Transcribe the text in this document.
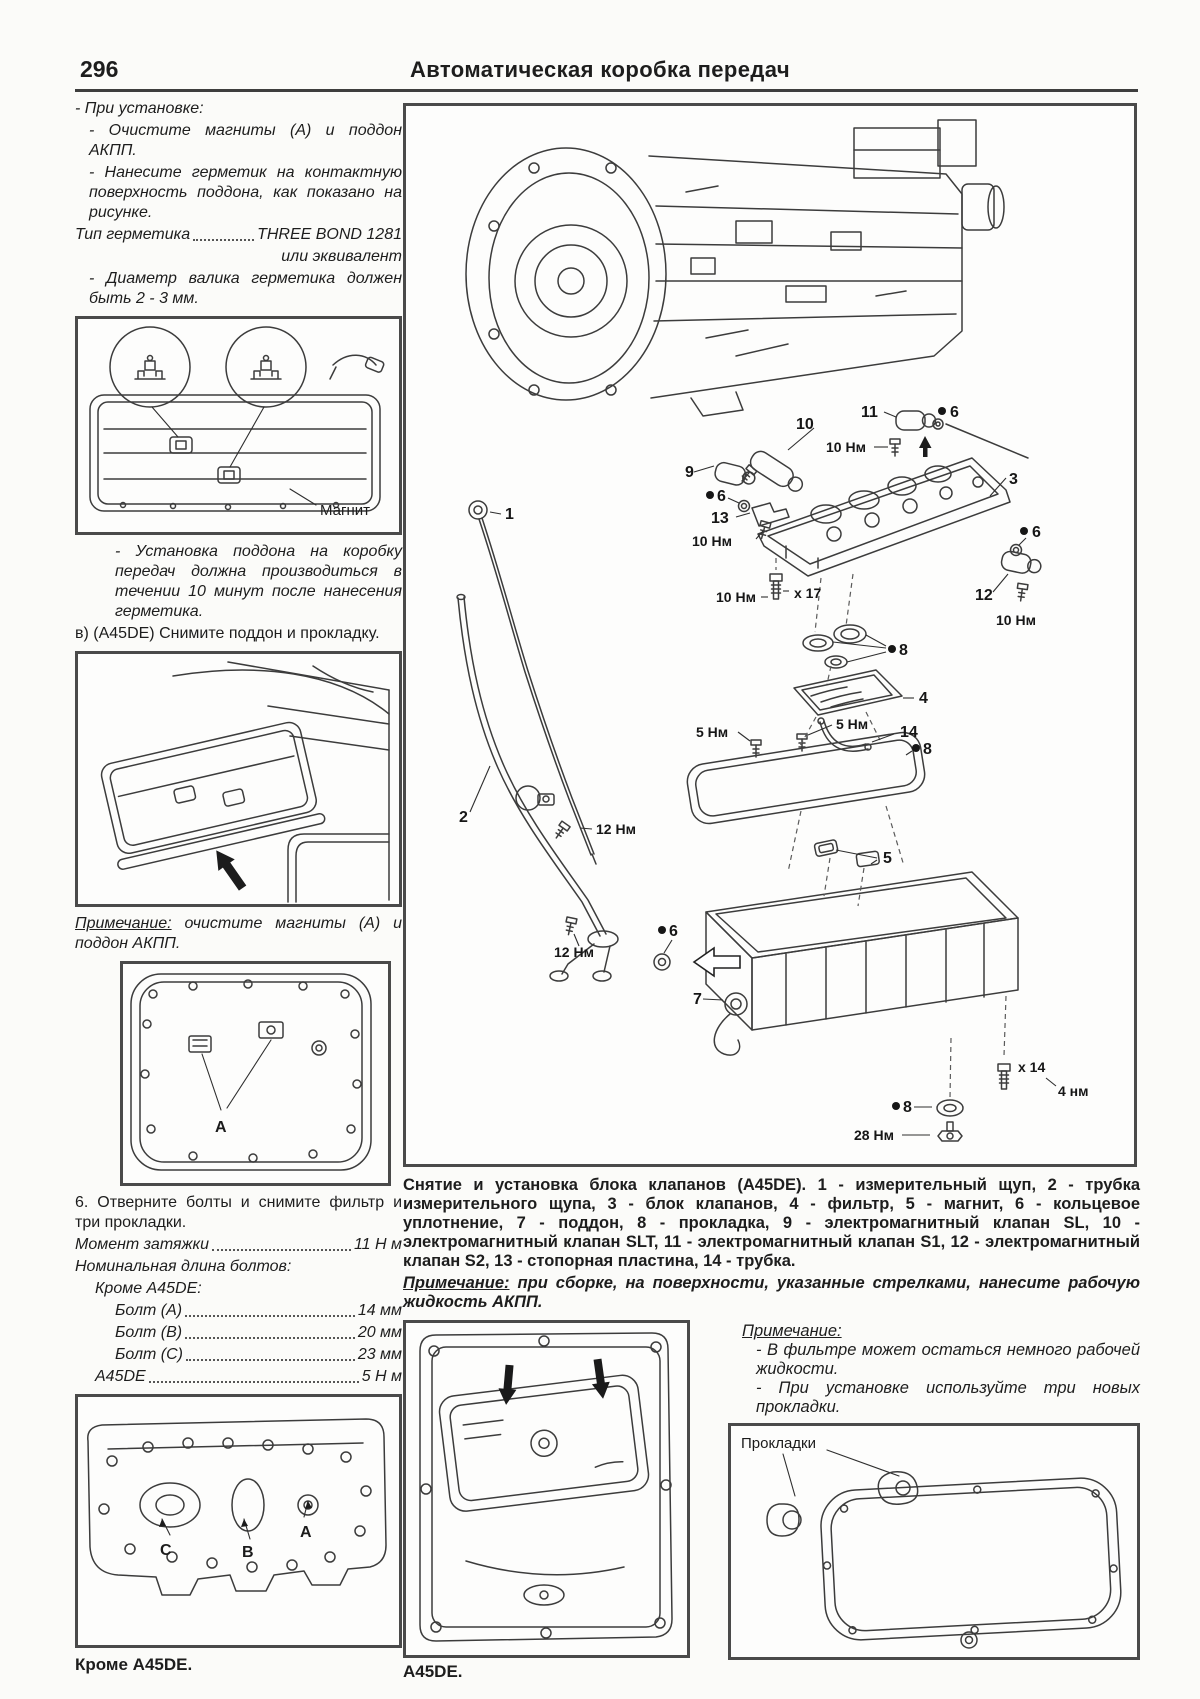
296	Автоматическая коробка передач

- При установке:

- Очистите магниты (А) и поддон АКПП.

- Нанесите герметик на контактную поверхность поддона, как показано на рисунке.

Тип герметика	THREE BOND 1281

или эквивалент

- Диаметр валика герметика должен быть 2 - 3 мм.

Магнит

- Установка поддона на коробку передач должна производиться в течении 10 минут после нанесения герметика.

в) (A45DE) Снимите поддон и прокладку.

Примечание: очистите магниты (А) и поддон АКПП.

А

6. Отверните болты и снимите фильтр и три прокладки.

Момент затяжки	11 Н м

Номинальная длина болтов:

Кроме A45DE:

Болт (А)	14 мм
Болт (В)	20 мм
Болт (С)	23 мм
A45DE	5 Н м
C	B
А
Кроме A45DE.
10
11	6
10 Нм
9
6
13
10 Нм
3
6
12
10 Нм
10 Нм	x 17
8
4
14
5 Нм	5 Нм
8
5
7
x 14
4 нм
8
28 Нм
1
2
12 Нм
12 Нм
6
Снятие и установка блока клапанов (A45DE). 1 - измерительный щуп, 2 - трубка измерительного щупа, 3 - блок клапанов, 4 - фильтр, 5 - магнит, 6 - кольцевое уплотнение, 7 - поддон, 8 - прокладка, 9 - электромагнитный клапан SL, 10 - электромагнитный клапан SLT, 11 - электромагнитный клапан S1, 12 - электромагнитный клапан S2, 13 - стопорная пластина, 14 - трубка.
Примечание: при сборке, на поверхности, указанные стрелками, нанесите рабочую жидкость АКПП.
A45DE.

Примечание:

- В фильтре может остаться немного рабочей жидкости.

- При установке используйте три новых прокладки.

Прокладки
